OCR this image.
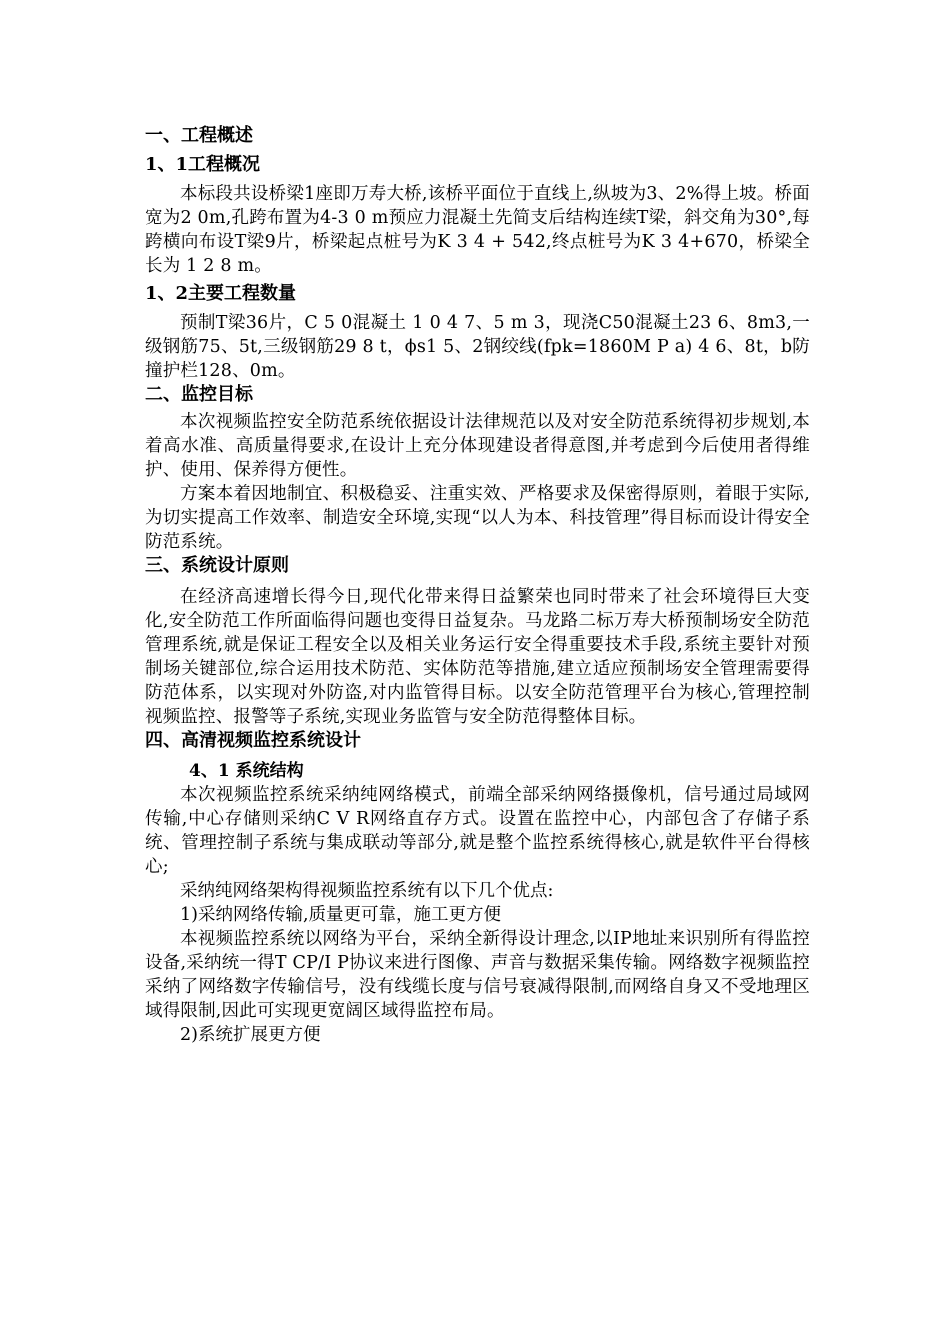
一、工程概述
1、1工程概况

本标段共设桥梁1座即万寿大桥,该桥平面位于直线上,纵坡为3、2%得上坡。桥面宽为2 0m,孔跨布置为4-3 0 m预应力混凝土先简支后结构连续T梁，斜交角为30°,每跨横向布设T梁9片，桥梁起点桩号为K 3 4 + 542,终点桩号为K 3 4+670，桥梁全长为 1 2 8 m。

1、2主要工程数量

预制T梁36片，C 5 0混凝土 1 0 4 7、5 m 3，现浇C50混凝土23 6、8m3,一级钢筋75、5t,三级钢筋29 8 t，ϕs1 5、2钢绞线(fpk=1860M P a) 4 6、8t，b防撞护栏128、0m。

二、监控目标

本次视频监控安全防范系统依据设计法律规范以及对安全防范系统得初步规划,本着高水准、高质量得要求,在设计上充分体现建设者得意图,并考虑到今后使用者得维护、使用、保养得方便性。

方案本着因地制宜、积极稳妥、注重实效、严格要求及保密得原则，着眼于实际,为切实提高工作效率、制造安全环境,实现“以人为本、科技管理”得目标而设计得安全防范系统。

三、系统设计原则

在经济高速增长得今日,现代化带来得日益繁荣也同时带来了社会环境得巨大变化,安全防范工作所面临得问题也变得日益复杂。马龙路二标万寿大桥预制场安全防范管理系统,就是保证工程安全以及相关业务运行安全得重要技术手段,系统主要针对预制场关键部位,综合运用技术防范、实体防范等措施,建立适应预制场安全管理需要得防范体系，以实现对外防盗,对内监管得目标。以安全防范管理平台为核心,管理控制视频监控、报警等子系统,实现业务监管与安全防范得整体目标。

四、高清视频监控系统设计
4、1 系统结构

本次视频监控系统采纳纯网络模式，前端全部采纳网络摄像机，信号通过局域网传输,中心存储则采纳C V R网络直存方式。设置在监控中心，内部包含了存储子系统、管理控制子系统与集成联动等部分,就是整个监控系统得核心,就是软件平台得核心;

采纳纯网络架构得视频监控系统有以下几个优点:

1)采纳网络传输,质量更可靠，施工更方便

本视频监控系统以网络为平台，采纳全新得设计理念,以IP地址来识别所有得监控设备,采纳统一得T CP/I P协议来进行图像、声音与数据采集传输。网络数字视频监控采纳了网络数字传输信号，没有线缆长度与信号衰减得限制,而网络自身又不受地理区域得限制,因此可实现更宽阔区域得监控布局。

2)系统扩展更方便
